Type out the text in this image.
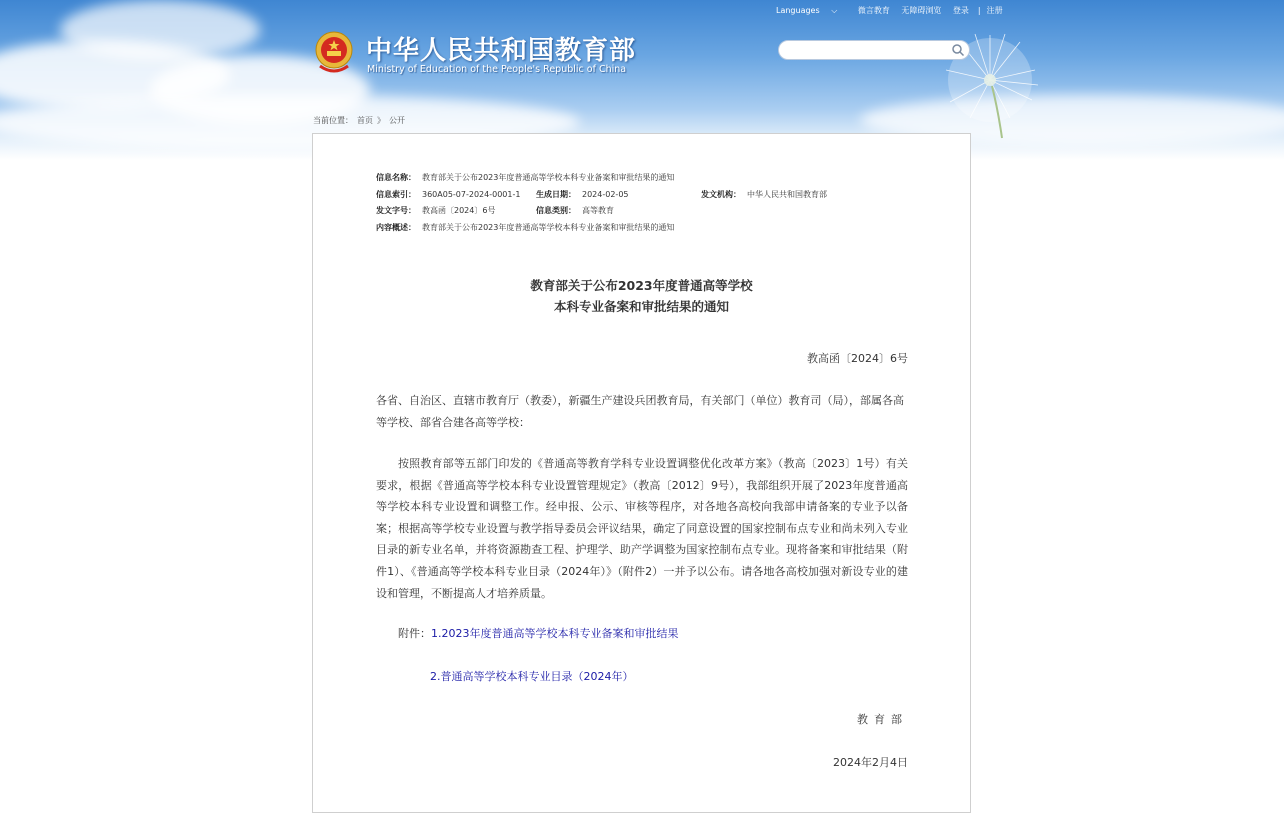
中华人民共和国教育部
Ministry of Education of the People's Republic of China
Languages ⌵	微言教育 无障碍浏览 登录 | 注册
当前位置： 首页 》 公开
信息名称： 教育部关于公布2023年度普通高等学校本科专业备案和审批结果的通知
信息索引： 360A05-07-2024-0001-1 生成日期： 2024-02-05	发文机构： 中华人民共和国教育部
发文字号： 教高函〔2024〕6号	信息类别： 高等教育
内容概述： 教育部关于公布2023年度普通高等学校本科专业备案和审批结果的通知
教育部关于公布2023年度普通高等学校
本科专业备案和审批结果的通知
教高函〔2024〕6号
各省、自治区、直辖市教育厅（教委），新疆生产建设兵团教育局，有关部门（单位）教育司（局），部属各高等学校、部省合建各高等学校：
按照教育部等五部门印发的《普通高等教育学科专业设置调整优化改革方案》（教高〔2023〕1号）有关要求，根据《普通高等学校本科专业设置管理规定》（教高〔2012〕9号），我部组织开展了2023年度普通高等学校本科专业设置和调整工作。经申报、公示、审核等程序，对各地各高校向我部申请备案的专业予以备案；根据高等学校专业设置与教学指导委员会评议结果，确定了同意设置的国家控制布点专业和尚未列入专业目录的新专业名单，并将资源勘查工程、护理学、助产学调整为国家控制布点专业。现将备案和审批结果（附件1）、《普通高等学校本科专业目录（2024年）》（附件2）一并予以公布。请各地各高校加强对新设专业的建设和管理，不断提高人才培养质量。
附件：1.2023年度普通高等学校本科专业备案和审批结果
2.普通高等学校本科专业目录（2024年）
教育部
2024年2月4日
